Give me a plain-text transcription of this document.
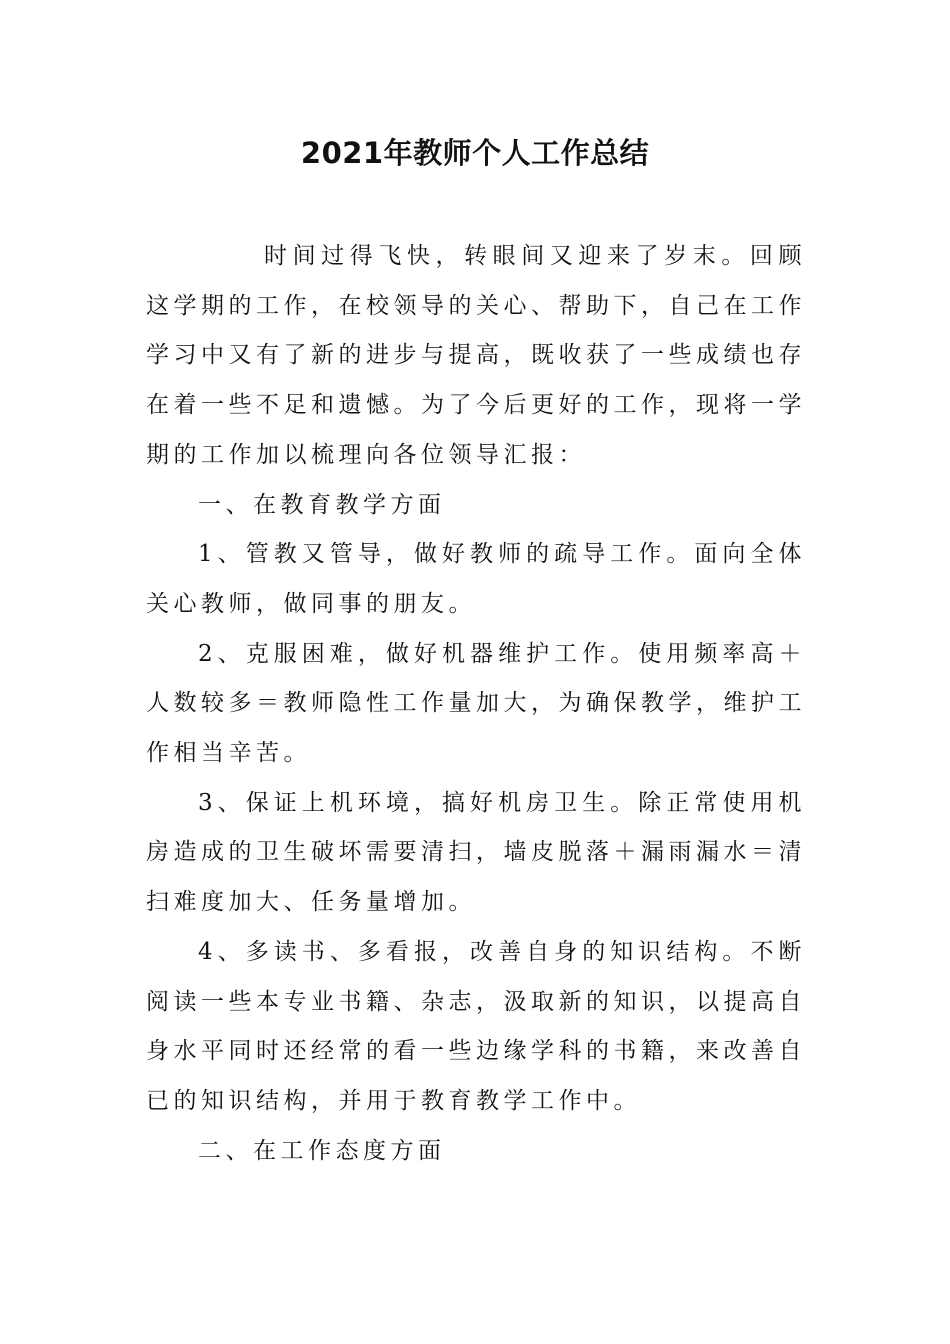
2021年教师个人工作总结

时间过得飞快，转眼间又迎来了岁末。回顾这学期的工作，在校领导的关心、帮助下，自己在工作学习中又有了新的进步与提高，既收获了一些成绩也存在着一些不足和遗憾。为了今后更好的工作，现将一学期的工作加以梳理向各位领导汇报：

一、在教育教学方面

1、管教又管导，做好教师的疏导工作。面向全体关心教师，做同事的朋友。

2、克服困难，做好机器维护工作。使用频率高＋人数较多＝教师隐性工作量加大，为确保教学，维护工作相当辛苦。

3、保证上机环境，搞好机房卫生。除正常使用机房造成的卫生破坏需要清扫，墙皮脱落＋漏雨漏水＝清扫难度加大、任务量增加。

4、多读书、多看报，改善自身的知识结构。不断阅读一些本专业书籍、杂志，汲取新的知识，以提高自身水平同时还经常的看一些边缘学科的书籍，来改善自已的知识结构，并用于教育教学工作中。

二、在工作态度方面
